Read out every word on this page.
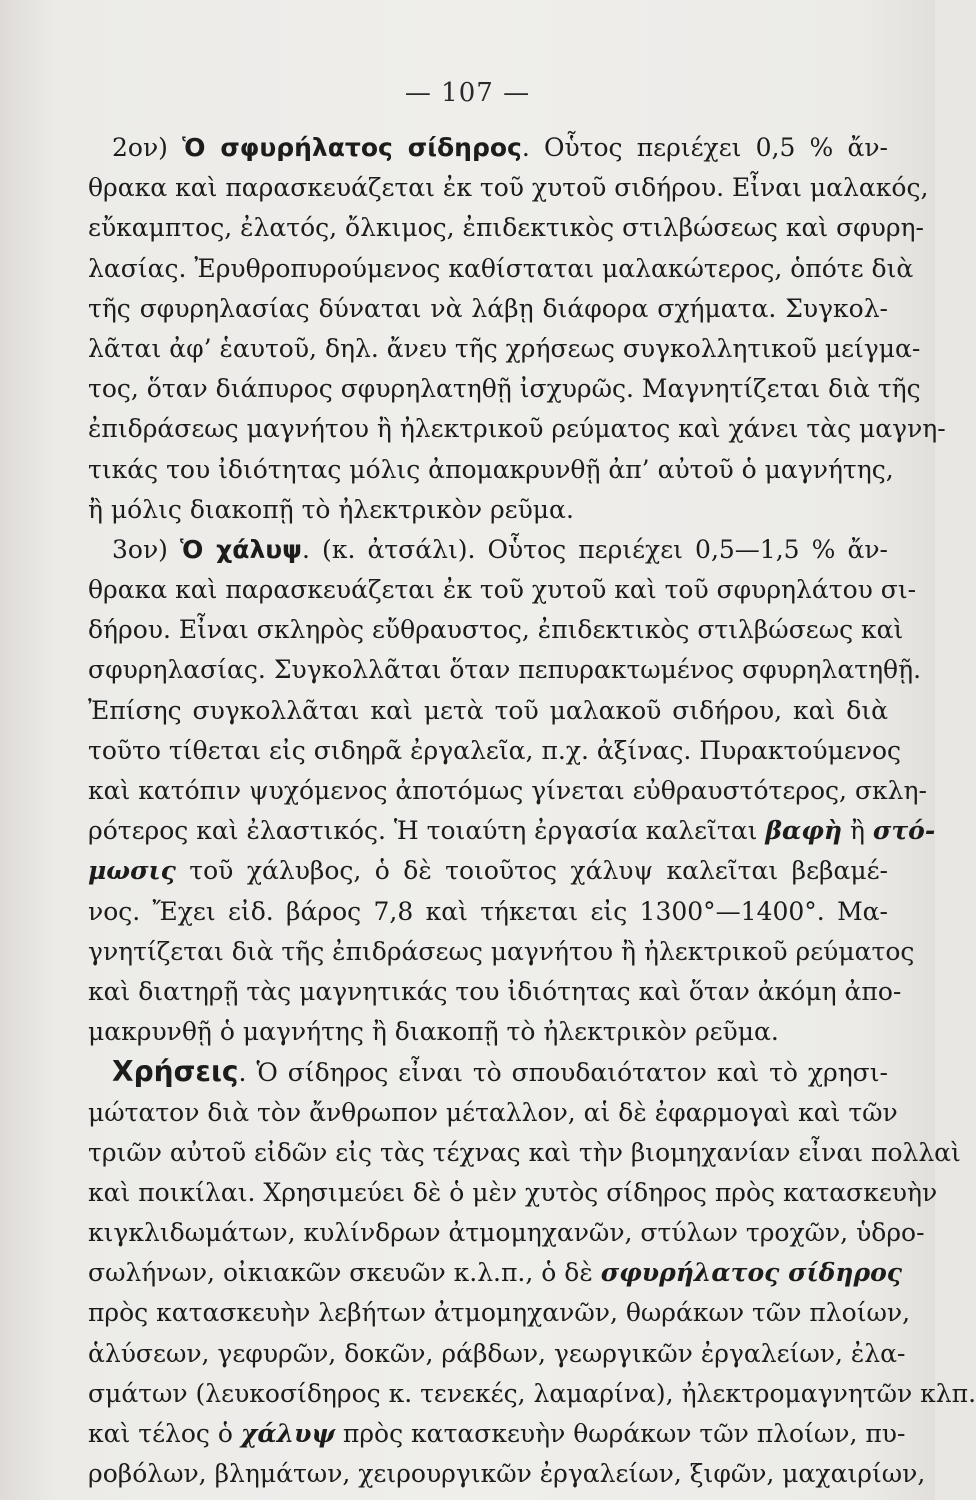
— 107 —
2ον) Ὁ σφυρήλατος σίδηρος. Οὗτος περιέχει 0,5 % ἄν-
θρακα καὶ παρασκευάζεται ἐκ τοῦ χυτοῦ σιδήρου. Εἶναι μαλακός,
εὔκαμπτος, ἐλατός, ὄλκιμος, ἐπιδεκτικὸς στιλβώσεως καὶ σφυρη-
λασίας. Ἐρυθροπυρούμενος καθίσταται μαλακώτερος, ὁπότε διὰ
τῆς σφυρηλασίας δύναται νὰ λάβῃ διάφορα σχήματα. Συγκολ-
λᾶται ἀφ’ ἑαυτοῦ, δηλ. ἄνευ τῆς χρήσεως συγκολλητικοῦ μείγμα-
τος, ὅταν διάπυρος σφυρηλατηθῇ ἰσχυρῶς. Μαγνητίζεται διὰ τῆς
ἐπιδράσεως μαγνήτου ἢ ἠλεκτρικοῦ ρεύματος καὶ χάνει τὰς μαγνη-
τικάς του ἰδιότητας μόλις ἀπομακρυνθῇ ἀπ’ αὐτοῦ ὁ μαγνήτης,
ἢ μόλις διακοπῇ τὸ ἠλεκτρικὸν ρεῦμα.
3ον) Ὁ χάλυψ. (κ. ἀτσάλι). Οὗτος περιέχει 0,5—1,5 % ἄν-
θρακα καὶ παρασκευάζεται ἐκ τοῦ χυτοῦ καὶ τοῦ σφυρηλάτου σι-
δήρου. Εἶναι σκληρὸς εὔθραυστος, ἐπιδεκτικὸς στιλβώσεως καὶ
σφυρηλασίας. Συγκολλᾶται ὅταν πεπυρακτωμένος σφυρηλατηθῇ.
Ἐπίσης συγκολλᾶται καὶ μετὰ τοῦ μαλακοῦ σιδήρου, καὶ διὰ
τοῦτο τίθεται εἰς σιδηρᾶ ἐργαλεῖα, π.χ. ἀξίνας. Πυρακτούμενος
καὶ κατόπιν ψυχόμενος ἀποτόμως γίνεται εὐθραυστότερος, σκλη-
ρότερος καὶ ἐλαστικός. Ἡ τοιαύτη ἐργασία καλεῖται βαφὴ ἢ στό-
μωσις τοῦ χάλυβος, ὁ δὲ τοιοῦτος χάλυψ καλεῖται βεβαμέ-
νος. Ἔχει εἰδ. βάρος 7,8 καὶ τήκεται εἰς 1300°—1400°. Μα-
γνητίζεται διὰ τῆς ἐπιδράσεως μαγνήτου ἢ ἠλεκτρικοῦ ρεύματος
καὶ διατηρῇ τὰς μαγνητικάς του ἰδιότητας καὶ ὅταν ἀκόμη ἀπο-
μακρυνθῇ ὁ μαγνήτης ἢ διακοπῇ τὸ ἠλεκτρικὸν ρεῦμα.
Χρήσεις. Ὁ σίδηρος εἶναι τὸ σπουδαιότατον καὶ τὸ χρησι-
μώτατον διὰ τὸν ἄνθρωπον μέταλλον, αἱ δὲ ἐφαρμογαὶ καὶ τῶν
τριῶν αὐτοῦ εἰδῶν εἰς τὰς τέχνας καὶ τὴν βιομηχανίαν εἶναι πολλαὶ
καὶ ποικίλαι. Χρησιμεύει δὲ ὁ μὲν χυτὸς σίδηρος πρὸς κατασκευὴν
κιγκλιδωμάτων, κυλίνδρων ἀτμομηχανῶν, στύλων τροχῶν, ὑδρο-
σωλήνων, οἰκιακῶν σκευῶν κ.λ.π., ὁ δὲ σφυρήλατος σίδηρος
πρὸς κατασκευὴν λεβήτων ἀτμομηχανῶν, θωράκων τῶν πλοίων,
ἁλύσεων, γεφυρῶν, δοκῶν, ράβδων, γεωργικῶν ἐργαλείων, ἐλα-
σμάτων (λευκοσίδηρος κ. τενεκές, λαμαρίνα), ἠλεκτρομαγνητῶν κλπ.
καὶ τέλος ὁ χάλυψ πρὸς κατασκευὴν θωράκων τῶν πλοίων, πυ-
ροβόλων, βλημάτων, χειρουργικῶν ἐργαλείων, ξιφῶν, μαχαιρίων,
